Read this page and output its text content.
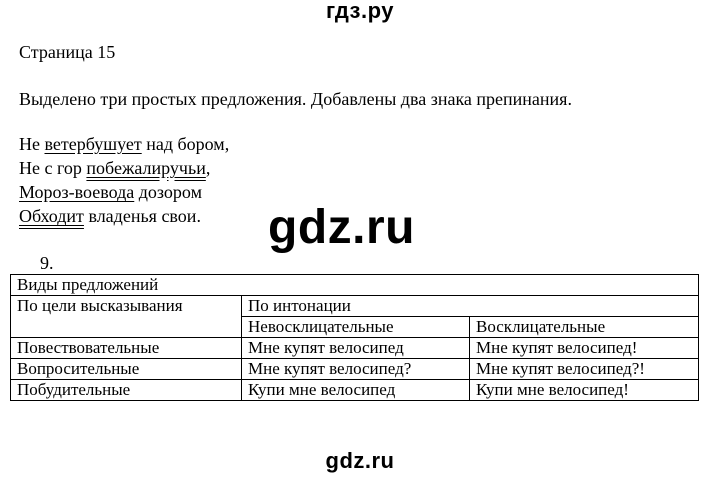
гдз.ру
Страница 15
Выделено три простых предложения. Добавлены два знака препинания.
Не ветербушует над бором,
Не с гор побежалиручьи,
Мороз-воевода дозором
Обходит владенья свои.	gdz.ru
9.
Виды предложений		
По цели высказывания	По интонации	
	Невосклицательные	Восклицательные
Повествовательные	Мне купят велосипед	Мне купят велосипед!
Вопросительные	Мне купят велосипед?	Мне купят велосипед?!
Побудительные	Купи мне велосипед	Купи мне велосипед!
gdz.ru
